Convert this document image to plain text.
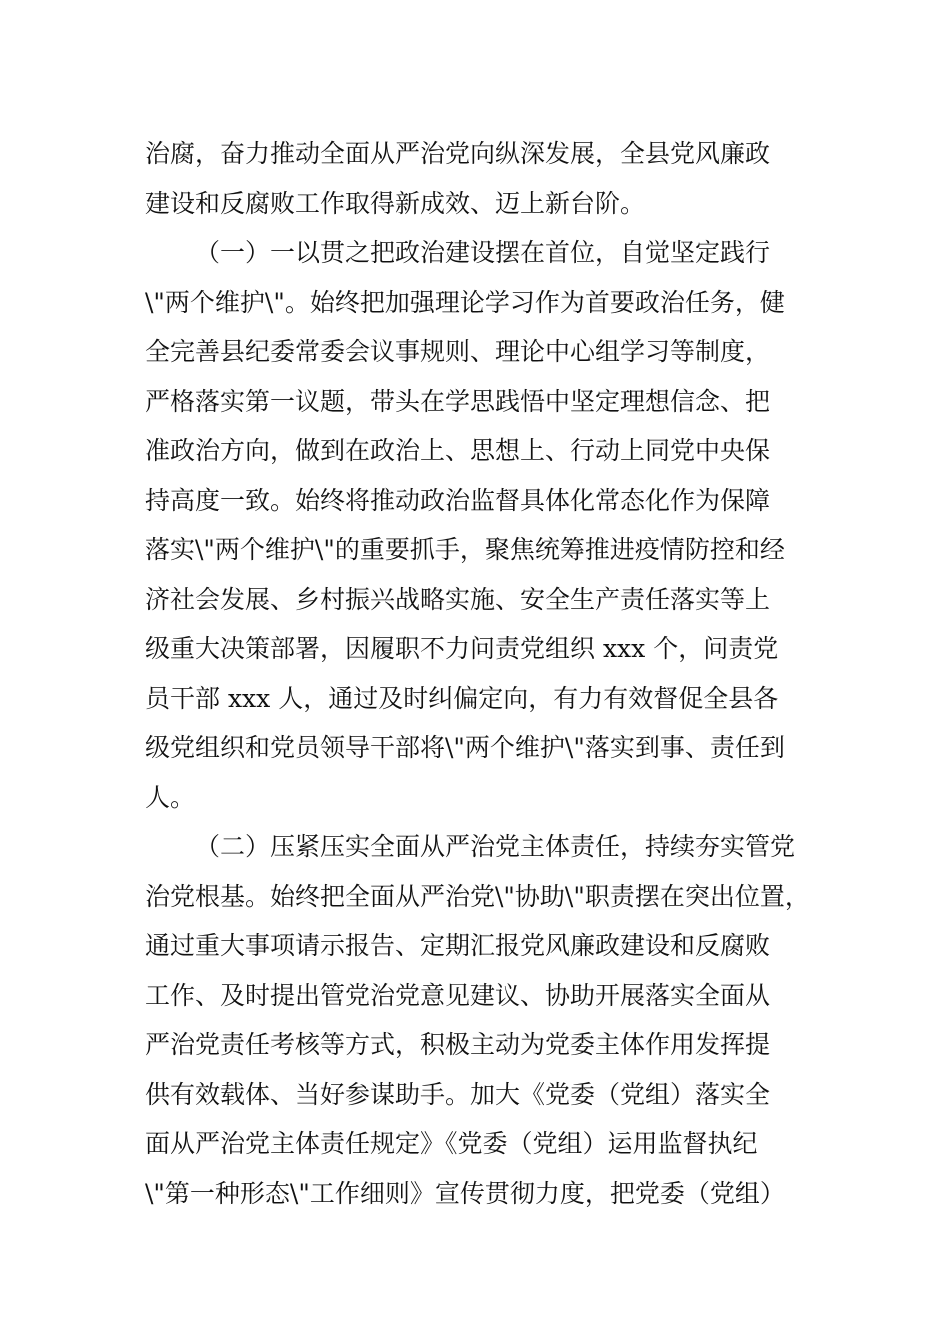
治腐，奋力推动全面从严治党向纵深发展，全县党风廉政
建设和反腐败工作取得新成效、迈上新台阶。
（一）一以贯之把政治建设摆在首位，自觉坚定践行
\"两个维护\"。始终把加强理论学习作为首要政治任务，健
全完善县纪委常委会议事规则、理论中心组学习等制度，
严格落实第一议题，带头在学思践悟中坚定理想信念、把
准政治方向，做到在政治上、思想上、行动上同党中央保
持高度一致。始终将推动政治监督具体化常态化作为保障
落实\"两个维护\"的重要抓手，聚焦统筹推进疫情防控和经
济社会发展、乡村振兴战略实施、安全生产责任落实等上
级重大决策部署，因履职不力问责党组织 xxx 个，问责党
员干部 xxx 人，通过及时纠偏定向，有力有效督促全县各
级党组织和党员领导干部将\"两个维护\"落实到事、责任到
人。
（二）压紧压实全面从严治党主体责任，持续夯实管党
治党根基。始终把全面从严治党\"协助\"职责摆在突出位置，
通过重大事项请示报告、定期汇报党风廉政建设和反腐败
工作、及时提出管党治党意见建议、协助开展落实全面从
严治党责任考核等方式，积极主动为党委主体作用发挥提
供有效载体、当好参谋助手。加大《党委（党组）落实全
面从严治党主体责任规定》《党委（党组）运用监督执纪
\"第一种形态\"工作细则》宣传贯彻力度，把党委（党组）
